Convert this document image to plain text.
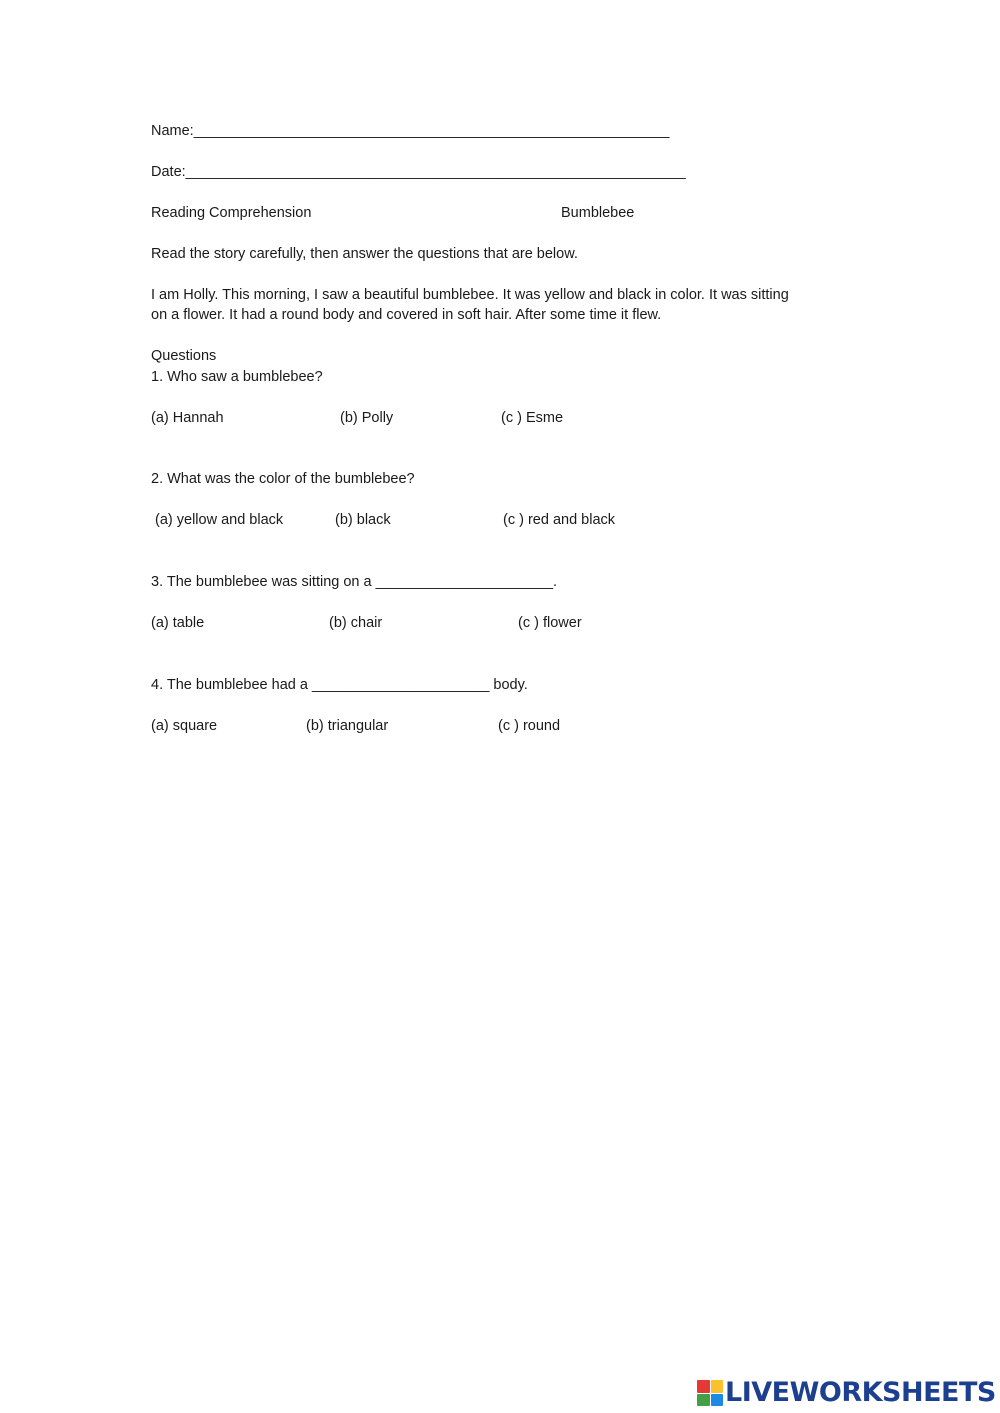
Name:___________________________________________________________
Date:______________________________________________________________
Reading Comprehension	Bumblebee
Read the story carefully, then answer the questions that are below.
I am Holly. This morning, I saw a beautiful bumblebee. It was yellow and black in color. It was sitting
on a flower. It had a round body and covered in soft hair. After some time it flew.
Questions
1. Who saw a bumblebee?
(a) Hannah	(b) Polly	(c ) Esme
2. What was the color of the bumblebee?
(a) yellow and black	(b) black	(c ) red and black
3. The bumblebee was sitting on a ______________________.
(a) table	(b) chair	(c ) flower
4. The bumblebee had a ______________________ body.
(a) square	(b) triangular	(c ) round
LIVEWORKSHEETS
